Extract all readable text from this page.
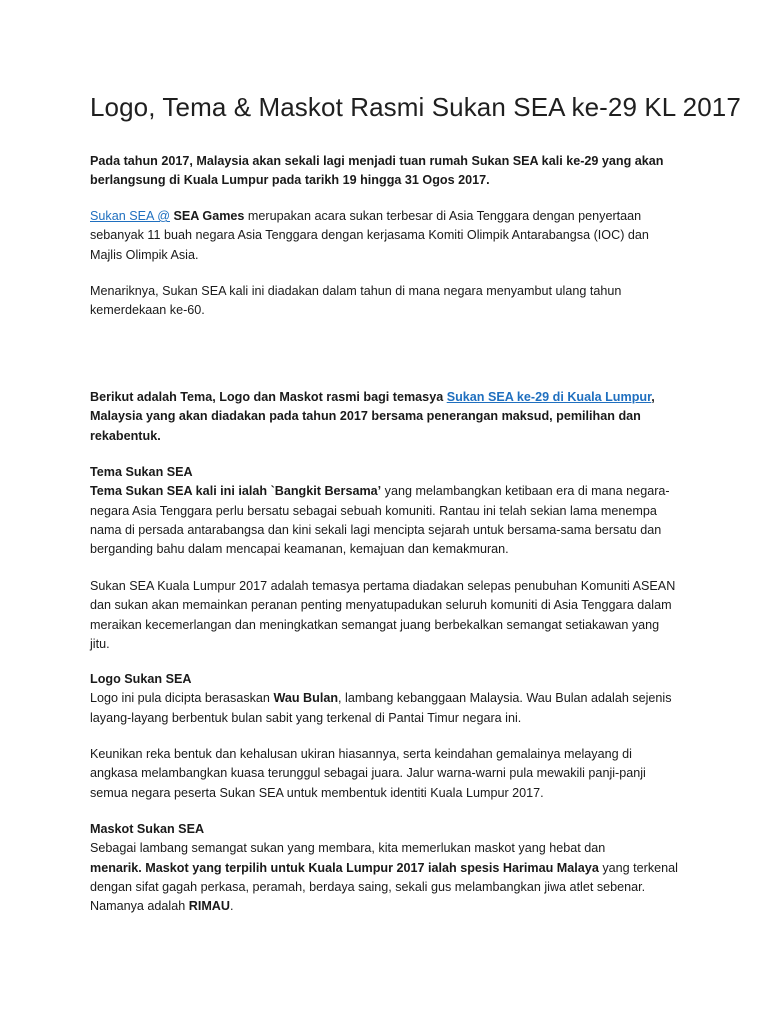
Logo, Tema & Maskot Rasmi Sukan SEA ke-29 KL 2017

Pada tahun 2017, Malaysia akan sekali lagi menjadi tuan rumah Sukan SEA kali ke-29 yang akan
berlangsung di Kuala Lumpur pada tarikh 19 hingga 31 Ogos 2017.

Sukan SEA @ SEA Games merupakan acara sukan terbesar di Asia Tenggara dengan penyertaan
sebanyak 11 buah negara Asia Tenggara dengan kerjasama Komiti Olimpik Antarabangsa (IOC) dan
Majlis Olimpik Asia.

Menariknya, Sukan SEA kali ini diadakan dalam tahun di mana negara menyambut ulang tahun
kemerdekaan ke-60.

Berikut adalah Tema, Logo dan Maskot rasmi bagi temasya Sukan SEA ke-29 di Kuala Lumpur,
Malaysia yang akan diadakan pada tahun 2017 bersama penerangan maksud, pemilihan dan
rekabentuk.

Tema Sukan SEA
Tema Sukan SEA kali ini ialah `Bangkit Bersama’ yang melambangkan ketibaan era di mana negara-
negara Asia Tenggara perlu bersatu sebagai sebuah komuniti. Rantau ini telah sekian lama menempa
nama di persada antarabangsa dan kini sekali lagi mencipta sejarah untuk bersama-sama bersatu dan
berganding bahu dalam mencapai keamanan, kemajuan dan kemakmuran.

Sukan SEA Kuala Lumpur 2017 adalah temasya pertama diadakan selepas penubuhan Komuniti ASEAN
dan sukan akan memainkan peranan penting menyatupadukan seluruh komuniti di Asia Tenggara dalam
meraikan kecemerlangan dan meningkatkan semangat juang berbekalkan semangat setiakawan yang
jitu.

Logo Sukan SEA
Logo ini pula dicipta berasaskan Wau Bulan, lambang kebanggaan Malaysia. Wau Bulan adalah sejenis
layang-layang berbentuk bulan sabit yang terkenal di Pantai Timur negara ini.

Keunikan reka bentuk dan kehalusan ukiran hiasannya, serta keindahan gemalainya melayang di
angkasa melambangkan kuasa terunggul sebagai juara. Jalur warna-warni pula mewakili panji-panji
semua negara peserta Sukan SEA untuk membentuk identiti Kuala Lumpur 2017.

Maskot Sukan SEA
Sebagai lambang semangat sukan yang membara, kita memerlukan maskot yang hebat dan
menarik. Maskot yang terpilih untuk Kuala Lumpur 2017 ialah spesis Harimau Malaya yang terkenal
dengan sifat gagah perkasa, peramah, berdaya saing, sekali gus melambangkan jiwa atlet sebenar.
Namanya adalah RIMAU.
